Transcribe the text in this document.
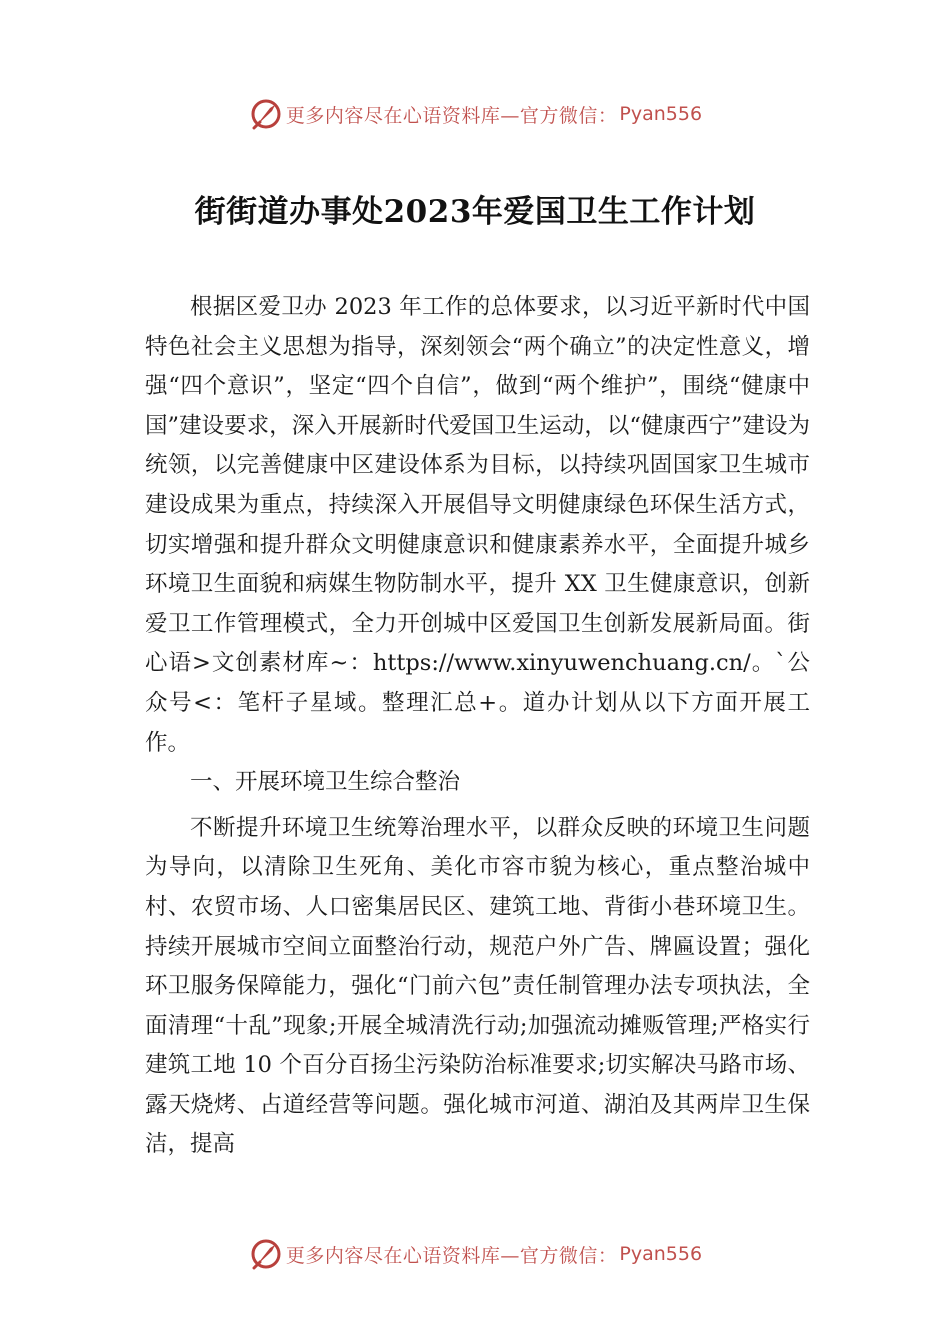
更多内容尽在心语资料库—官方微信： Pyan556
街街道办事处2023年爱国卫生工作计划

根据区爱卫办 2023 年工作的总体要求，以习近平新时代中国特色社会主义思想为指导，深刻领会“两个确立”的决定性意义，增强“四个意识”，坚定“四个自信”，做到“两个维护”，围绕“健康中国”建设要求，深入开展新时代爱国卫生运动，以“健康西宁”建设为统领，以完善健康中区建设体系为目标，以持续巩固国家卫生城市建设成果为重点，持续深入开展倡导文明健康绿色环保生活方式，切实增强和提升群众文明健康意识和健康素养水平，全面提升城乡环境卫生面貌和病媒生物防制水平，提升 XX 卫生健康意识，创新爱卫工作管理模式，全力开创城中区爱国卫生创新发展新局面。街心语>文创素材库~：https://www.xinyuwenchuang.cn/。`公众号<：笔杆子星域。整理汇总+。道办计划从以下方面开展工作。

一、开展环境卫生综合整治

不断提升环境卫生统筹治理水平，以群众反映的环境卫生问题为导向，以清除卫生死角、美化市容市貌为核心，重点整治城中村、农贸市场、人口密集居民区、建筑工地、背街小巷环境卫生。持续开展城市空间立面整治行动，规范户外广告、牌匾设置；强化环卫服务保障能力，强化“门前六包”责任制管理办法专项执法，全面清理“十乱”现象;开展全城清洗行动;加强流动摊贩管理;严格实行建筑工地 10 个百分百扬尘污染防治标准要求;切实解决马路市场、露天烧烤、占道经营等问题。强化城市河道、湖泊及其两岸卫生保洁，提高

更多内容尽在心语资料库—官方微信： Pyan556
